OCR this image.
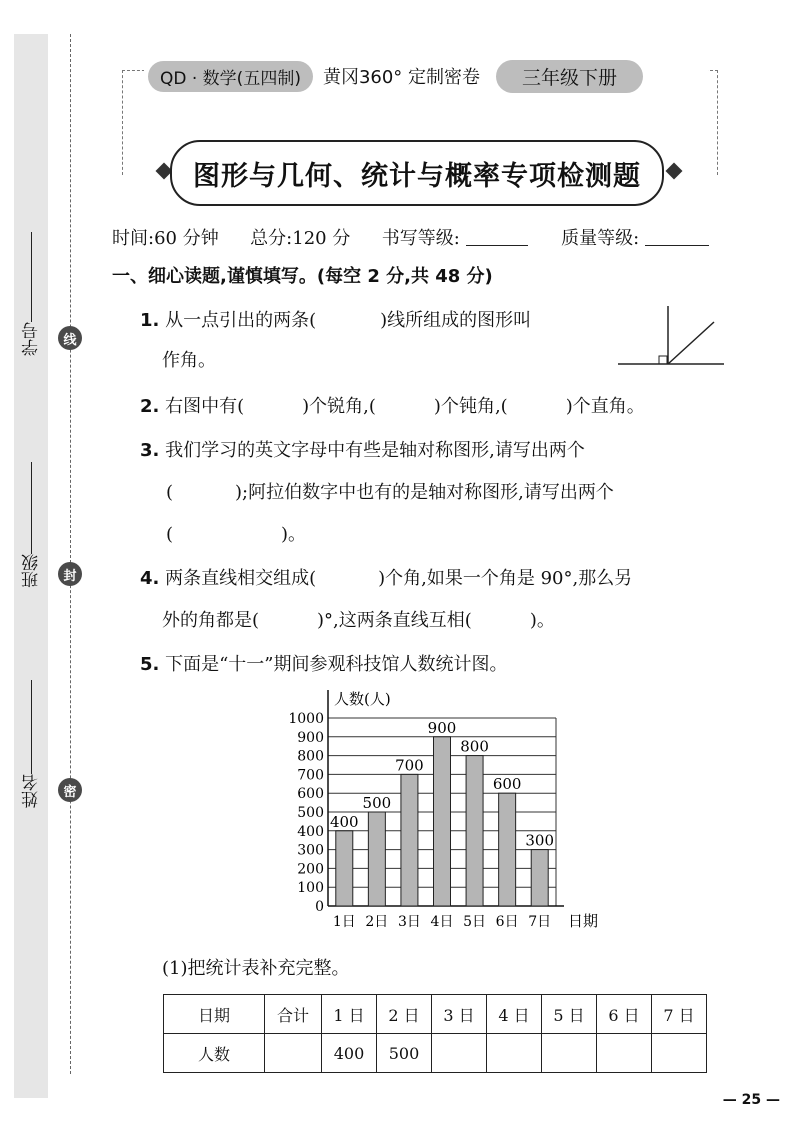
线
封
密
学号
班级
姓名
QD · 数学(五四制)	黄冈360° 定制密卷	三年级下册
图形与几何、统计与概率专项检测题
时间:60 分钟 总分:120 分 书写等级:	质量等级:
一、细心读题,谨慎填写。(每空 2 分,共 48 分)
1. 从一点引出的两条(	)线所组成的图形叫
作角。
2. 右图中有(	)个锐角,(	)个钝角,(	)个直角。
3. 我们学习的英文字母中有些是轴对称图形,请写出两个
(	);阿拉伯数字中也有的是轴对称图形,请写出两个
(	)。
4. 两条直线相交组成(	)个角,如果一个角是 90°,那么另
外的角都是(	)°,这两条直线互相(	)。
5. 下面是“十一”期间参观科技馆人数统计图。
0
100
200
300
400
500
600
700
800
900
1000
人数(人)
400
1日
500
2日
700
3日
900
4日
800
5日
600
6日
300
7日 日期
(1)把统计表补充完整。
日期	合计	1 日	2 日	3 日	4 日	5 日	6 日	7 日
人数		400	500					
— 25 —
